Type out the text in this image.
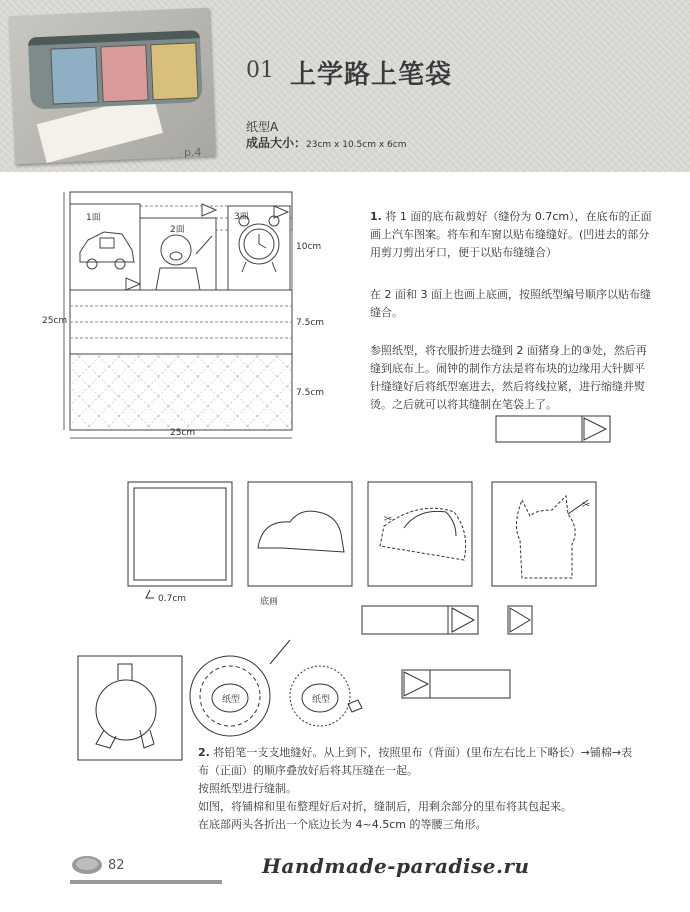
p.4
01 上学路上笔袋
纸型A
成品大小：23cm x 10.5cm x 6cm
✂
✂
1面
2面
3面
10cm
7.5cm
7.5cm
25cm
25cm
0.7cm	底画
纸型	纸型
1. 将 1 面的底布裁剪好（缝份为 0.7cm），在底布的正面
画上汽车图案。将车和车窗以贴布缝缝好。(凹进去的部分
用剪刀剪出牙口，便于以贴布缝缝合）
在 2 面和 3 面上也画上底画，按照纸型编号顺序以贴布缝
缝合。
参照纸型，将衣服折进去缝到 2 面猪身上的③处，然后再
缝到底布上。闹钟的制作方法是将布块的边缘用大针脚平
针缝缝好后将纸型塞进去，然后将线拉紧，进行缩缝并熨
烫。之后就可以将其缝制在笔袋上了。
2. 将铅笔一支支地缝好。从上到下，按照里布（背面）(里布左右比上下略长）→铺棉→表
布（正面）的顺序叠放好后将其压缝在一起。
按照纸型进行缝制。
如图，将铺棉和里布整理好后对折，缝制后，用剩余部分的里布将其包起来。
在底部两头各折出一个底边长为 4~4.5cm 的等腰三角形。
82	Handmade-paradise.ru
